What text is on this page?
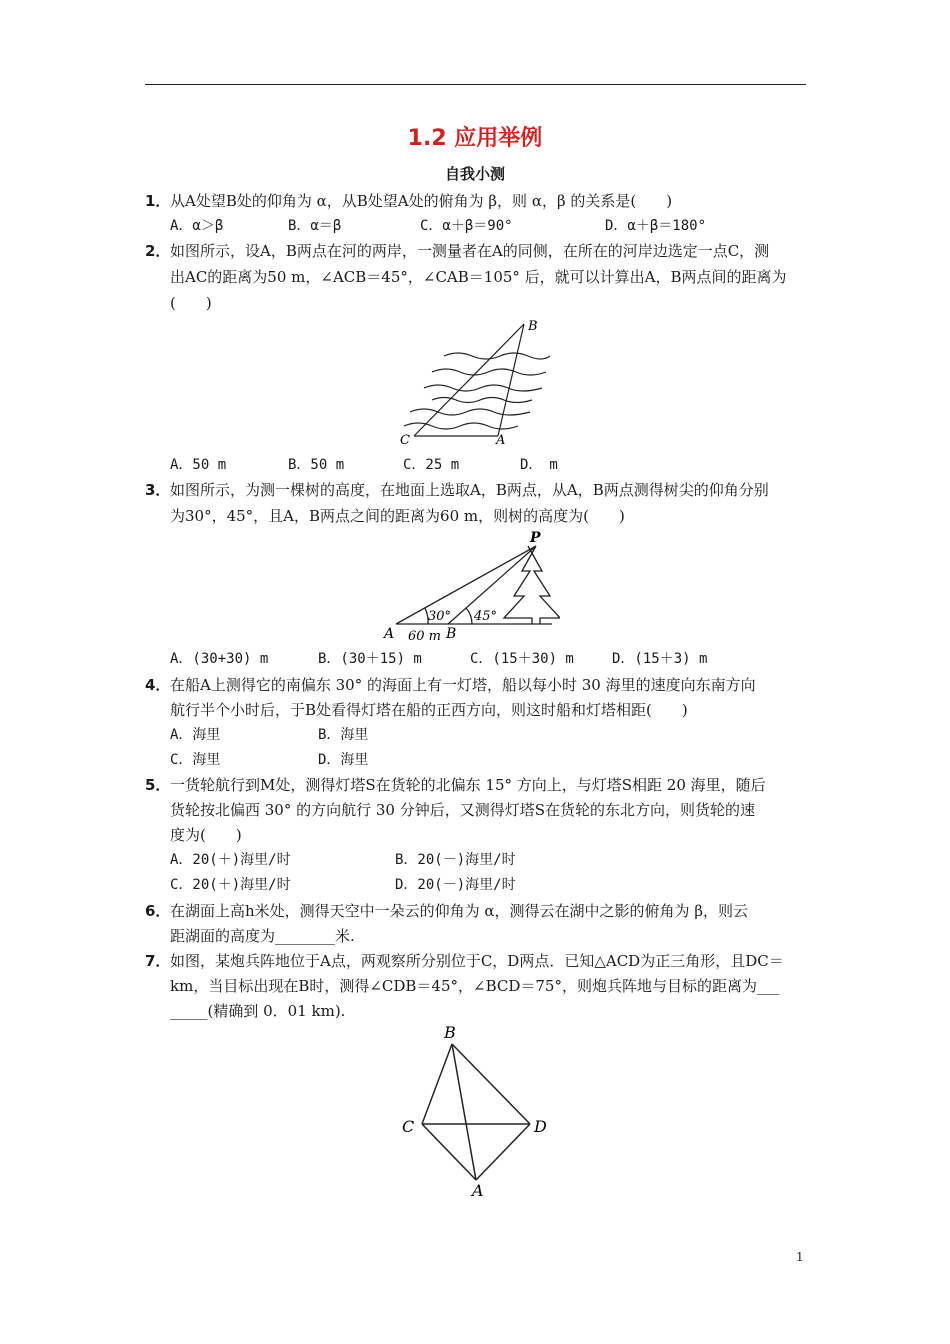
1.2 应用举例
自我小测
1． 从A处望B处的仰角为 α，从B处望A处的俯角为 β，则 α，β 的关系是(　　)
A．α＞β	B．α＝β	C．α＋β＝90°	D．α＋β＝180°
2． 如图所示，设A，B两点在河的两岸，一测量者在A的同侧，在所在的河岸边选定一点C，测
出AC的距离为50 m，∠ACB＝45°，∠CAB＝105° 后，就可以计算出A，B两点间的距离为
(　　)
B
C	A
A．50 m	B．50 m	C．25 m	D．　m
3． 如图所示，为测一棵树的高度，在地面上选取A，B两点，从A，B两点测得树尖的仰角分别
为30°，45°，且A，B两点之间的距离为60 m，则树的高度为(　　)
P
A	B
30° 45°
60 m
A．(30+30) m	B．(30＋15) m	C．(15＋30) m	D．(15＋3) m
4． 在船A上测得它的南偏东 30° 的海面上有一灯塔，船以每小时 30 海里的速度向东南方向
航行半个小时后，于B处看得灯塔在船的正西方向，则这时船和灯塔相距(　　)
A．海里	B．海里
C．海里	D．海里
5． 一货轮航行到M处，测得灯塔S在货轮的北偏东 15° 方向上，与灯塔S相距 20 海里，随后
货轮按北偏西 30° 的方向航行 30 分钟后，又测得灯塔S在货轮的东北方向，则货轮的速
度为(　　)
A．20(＋)海里/时	B．20(－)海里/时
C．20(＋)海里/时	D．20(－)海里/时
6． 在湖面上高h米处，测得天空中一朵云的仰角为 α，测得云在湖中之影的俯角为 β，则云
距湖面的高度为________米.
7． 如图，某炮兵阵地位于A点，两观察所分别位于C，D两点．已知△ACD为正三角形，且DC＝
km，当目标出现在B时，测得∠CDB＝45°，∠BCD＝75°，则炮兵阵地与目标的距离为___
_____(精确到 0．01 km).
B
C	D
A
1
